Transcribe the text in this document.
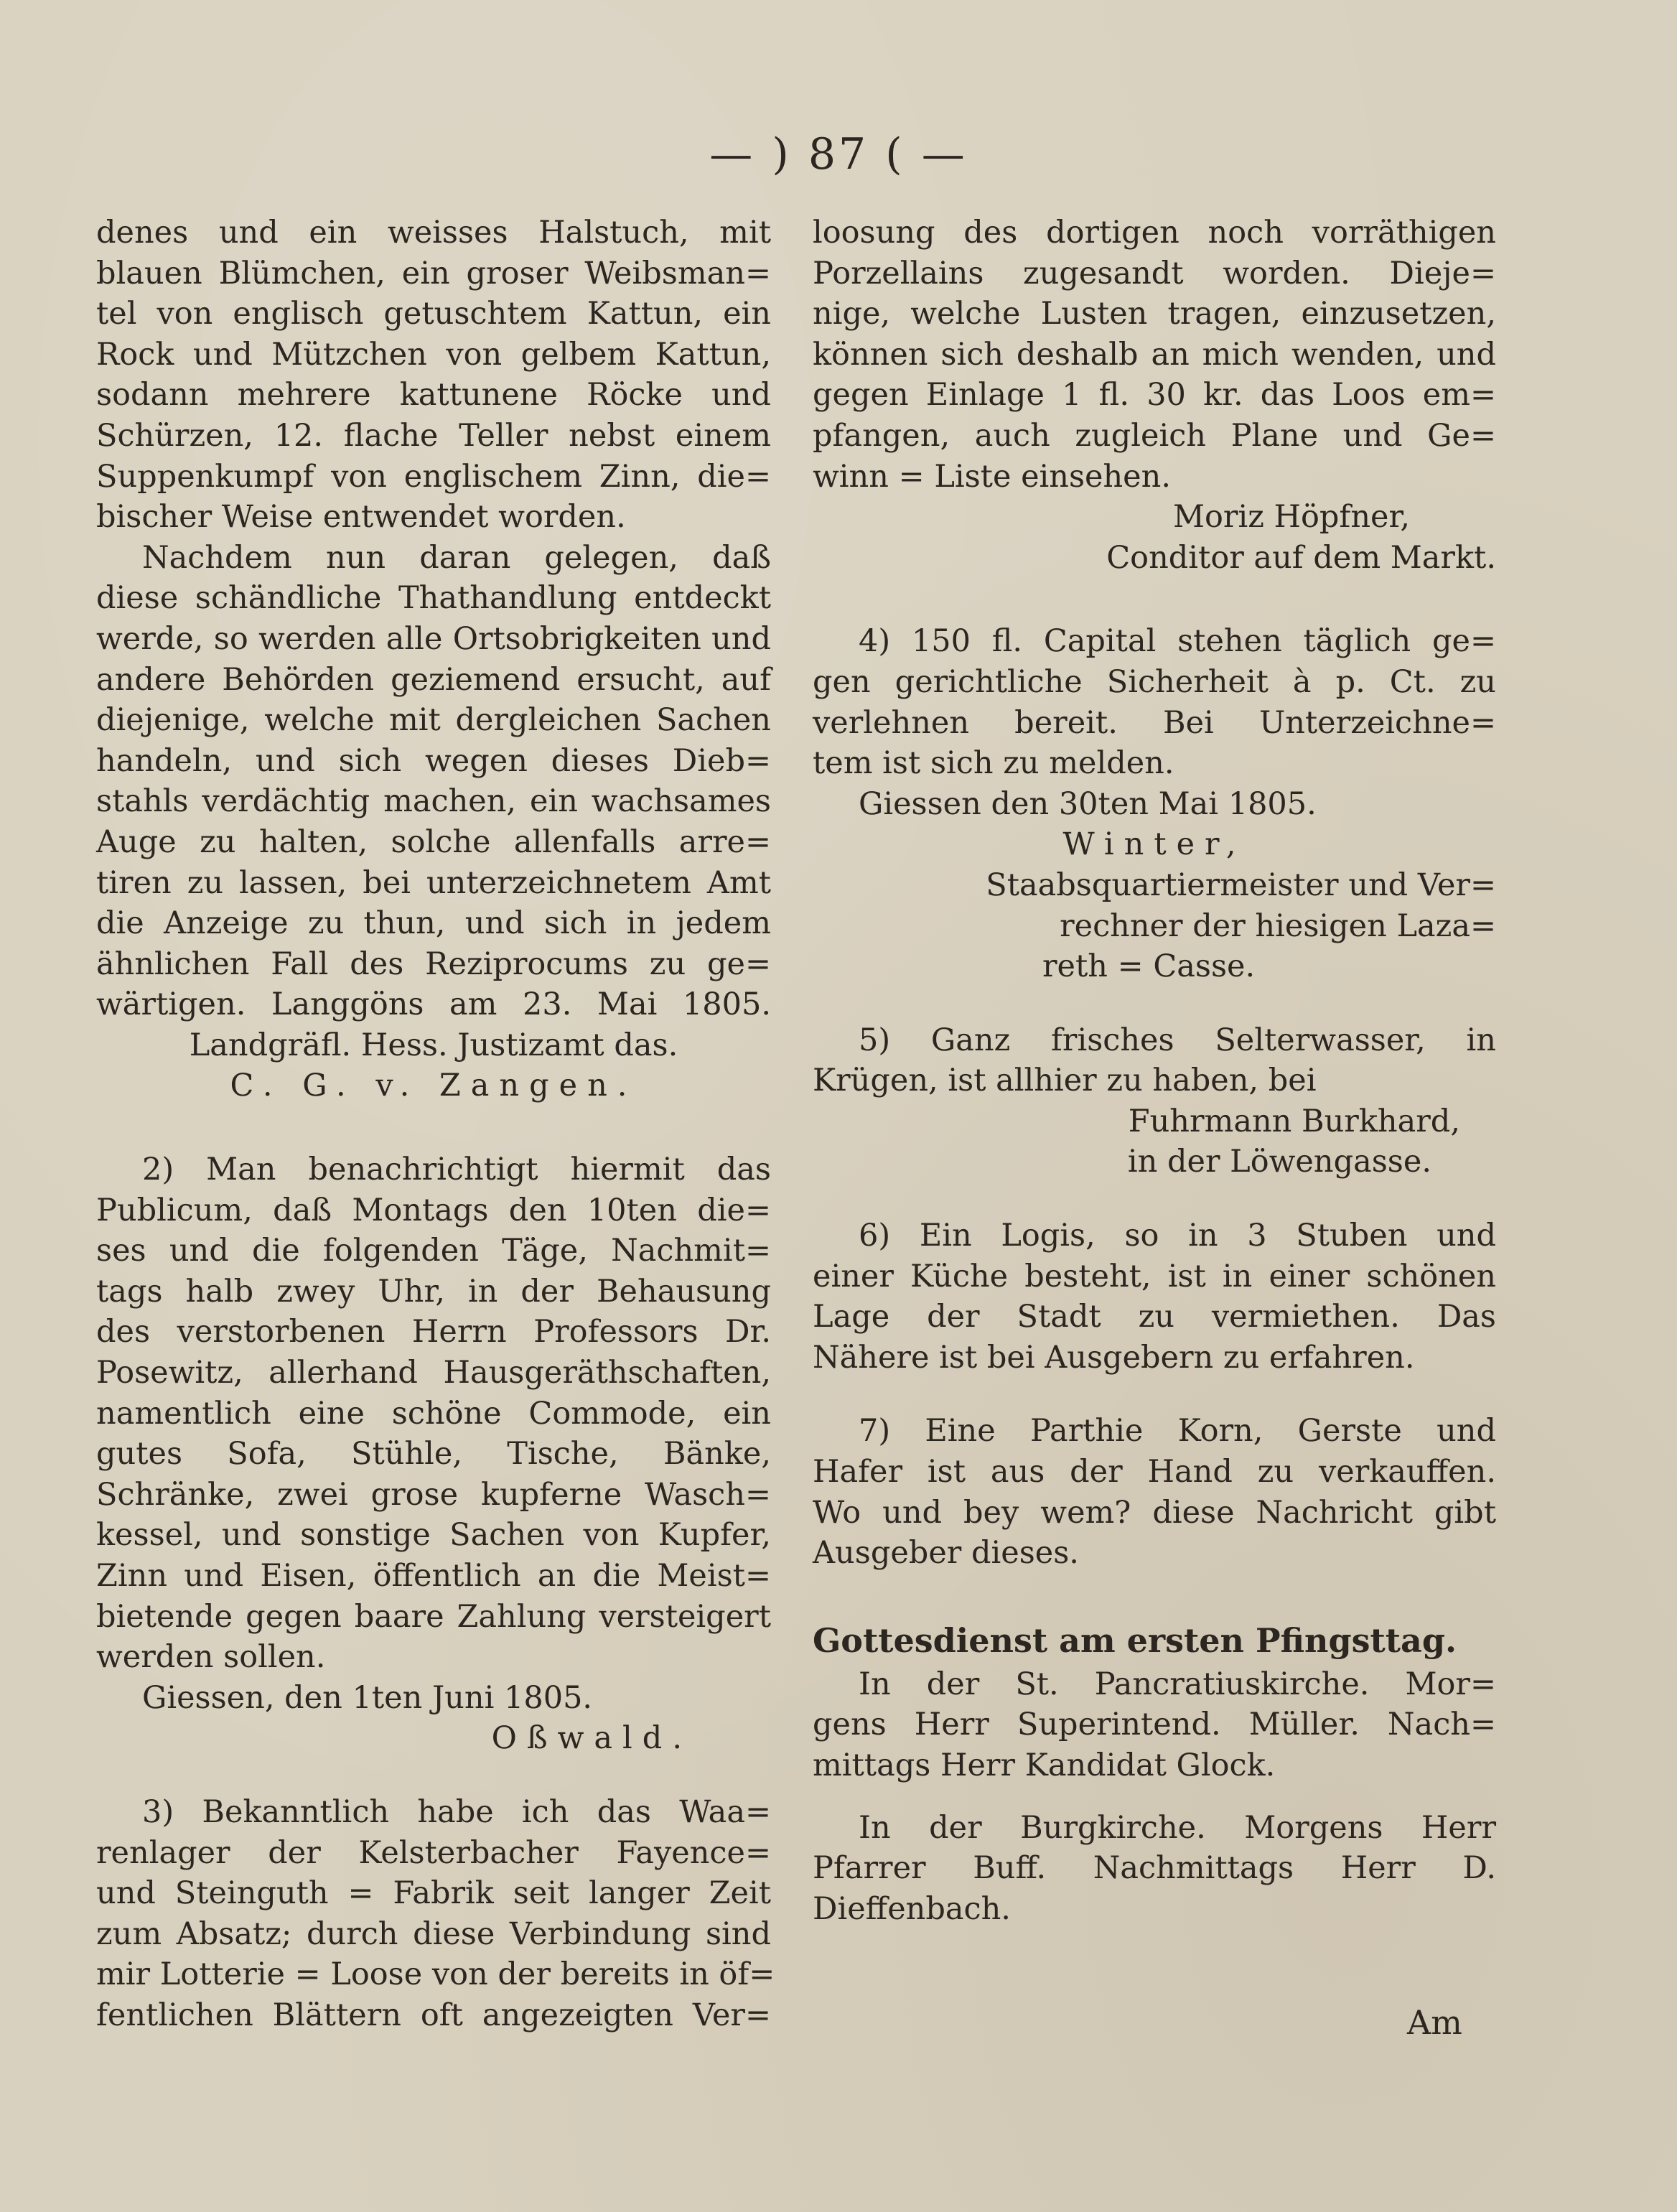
— ) 87 ( —
denes und ein weisses Halstuch, mit
blauen Blümchen, ein groser Weibsman=
tel von englisch getuschtem Kattun, ein
Rock und Mützchen von gelbem Kattun,
sodann mehrere kattunene Röcke und
Schürzen, 12. flache Teller nebst einem
Suppenkumpf von englischem Zinn, die=
bischer Weise entwendet worden.
Nachdem nun daran gelegen, daß
diese schändliche Thathandlung entdeckt
werde, so werden alle Ortsobrigkeiten und
andere Behörden geziemend ersucht, auf
diejenige, welche mit dergleichen Sachen
handeln, und sich wegen dieses Dieb=
stahls verdächtig machen, ein wachsames
Auge zu halten, solche allenfalls arre=
tiren zu lassen, bei unterzeichnetem Amt
die Anzeige zu thun, und sich in jedem
ähnlichen Fall des Reziprocums zu ge=
wärtigen. Langgöns am 23. Mai 1805.
Landgräfl. Hess. Justizamt das.
C. G. v. Zangen.
2) Man benachrichtigt hiermit das
Publicum, daß Montags den 10ten die=
ses und die folgenden Täge, Nachmit=
tags halb zwey Uhr, in der Behausung
des verstorbenen Herrn Professors Dr.
Posewitz, allerhand Hausgeräthschaften,
namentlich eine schöne Commode, ein
gutes Sofa, Stühle, Tische, Bänke,
Schränke, zwei grose kupferne Wasch=
kessel, und sonstige Sachen von Kupfer,
Zinn und Eisen, öffentlich an die Meist=
bietende gegen baare Zahlung versteigert
werden sollen.
Giessen, den 1ten Juni 1805.
Oßwald.
3) Bekanntlich habe ich das Waa=
renlager der Kelsterbacher Fayence=
und Steinguth = Fabrik seit langer Zeit
zum Absatz; durch diese Verbindung sind
mir Lotterie = Loose von der bereits in öf=
fentlichen Blättern oft angezeigten Ver=
loosung des dortigen noch vorräthigen
Porzellains zugesandt worden. Dieje=
nige, welche Lusten tragen, einzusetzen,
können sich deshalb an mich wenden, und
gegen Einlage 1 fl. 30 kr. das Loos em=
pfangen, auch zugleich Plane und Ge=
winn = Liste einsehen.
Moriz Höpfner,
Conditor auf dem Markt.
4) 150 fl. Capital stehen täglich ge=
gen gerichtliche Sicherheit à p. Ct. zu
verlehnen bereit. Bei Unterzeichne=
tem ist sich zu melden.
Giessen den 30ten Mai 1805.
Winter,
Staabsquartiermeister und Ver=
rechner der hiesigen Laza=
reth = Casse.
5) Ganz frisches Selterwasser, in
Krügen, ist allhier zu haben, bei
Fuhrmann Burkhard,
in der Löwengasse.
6) Ein Logis, so in 3 Stuben und
einer Küche besteht, ist in einer schönen
Lage der Stadt zu vermiethen. Das
Nähere ist bei Ausgebern zu erfahren.
7) Eine Parthie Korn, Gerste und
Hafer ist aus der Hand zu verkauffen.
Wo und bey wem? diese Nachricht gibt
Ausgeber dieses.
Gottesdienst am ersten Pfingsttag.
In der St. Pancratiuskirche. Mor=
gens Herr Superintend. Müller. Nach=
mittags Herr Kandidat Glock.
In der Burgkirche. Morgens Herr
Pfarrer Buff. Nachmittags Herr D.
Dieffenbach.
Am
